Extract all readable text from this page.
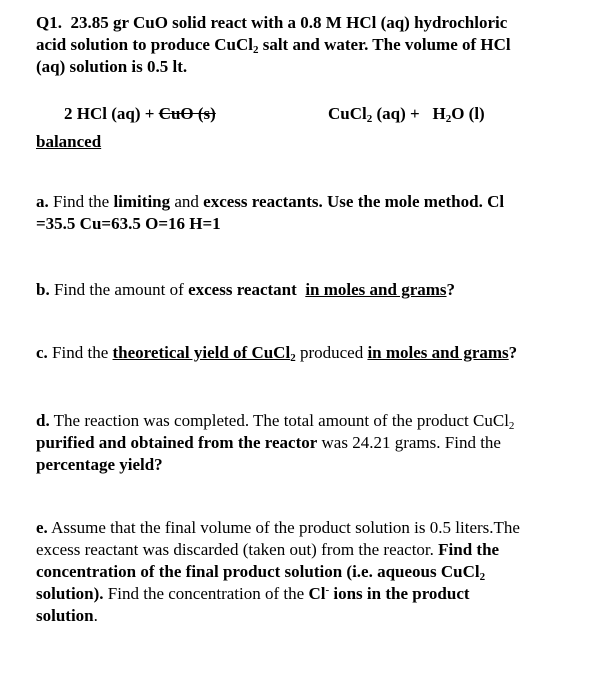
Q1. 23.85 gr CuO solid react with a 0.8 M HCl (aq) hydrochloric
acid solution to produce CuCl$_2$ salt and water. The volume of HCl
(aq) solution is 0.5 lt.
2 HCl (aq) + CuO (s)	CuCl$_2$ $(aq) + H_2O$ (l)
balanced
a. Find the limiting and excess reactants. Use the mole method. Cl
=35.5 Cu=63.5 O=16 H=1
b. Find the amount of excess reactant in moles and grams?
c. Find the theoretical yield of CuCl$_2$ produced in moles and grams?
d. The reaction was completed. The total amount of the product CuCl$_2$
purified and obtained from the reactor was 24.21 grams. Find the
percentage yield?
e. Assume that the final volume of the product solution is 0.5 liters.The
excess reactant was discarded (taken out) from the reactor. Find the
concentration of the final product solution (i.e. aqueous CuCl$_2$
solution). Find the concentration of the Cl- ions in the product
solution.
